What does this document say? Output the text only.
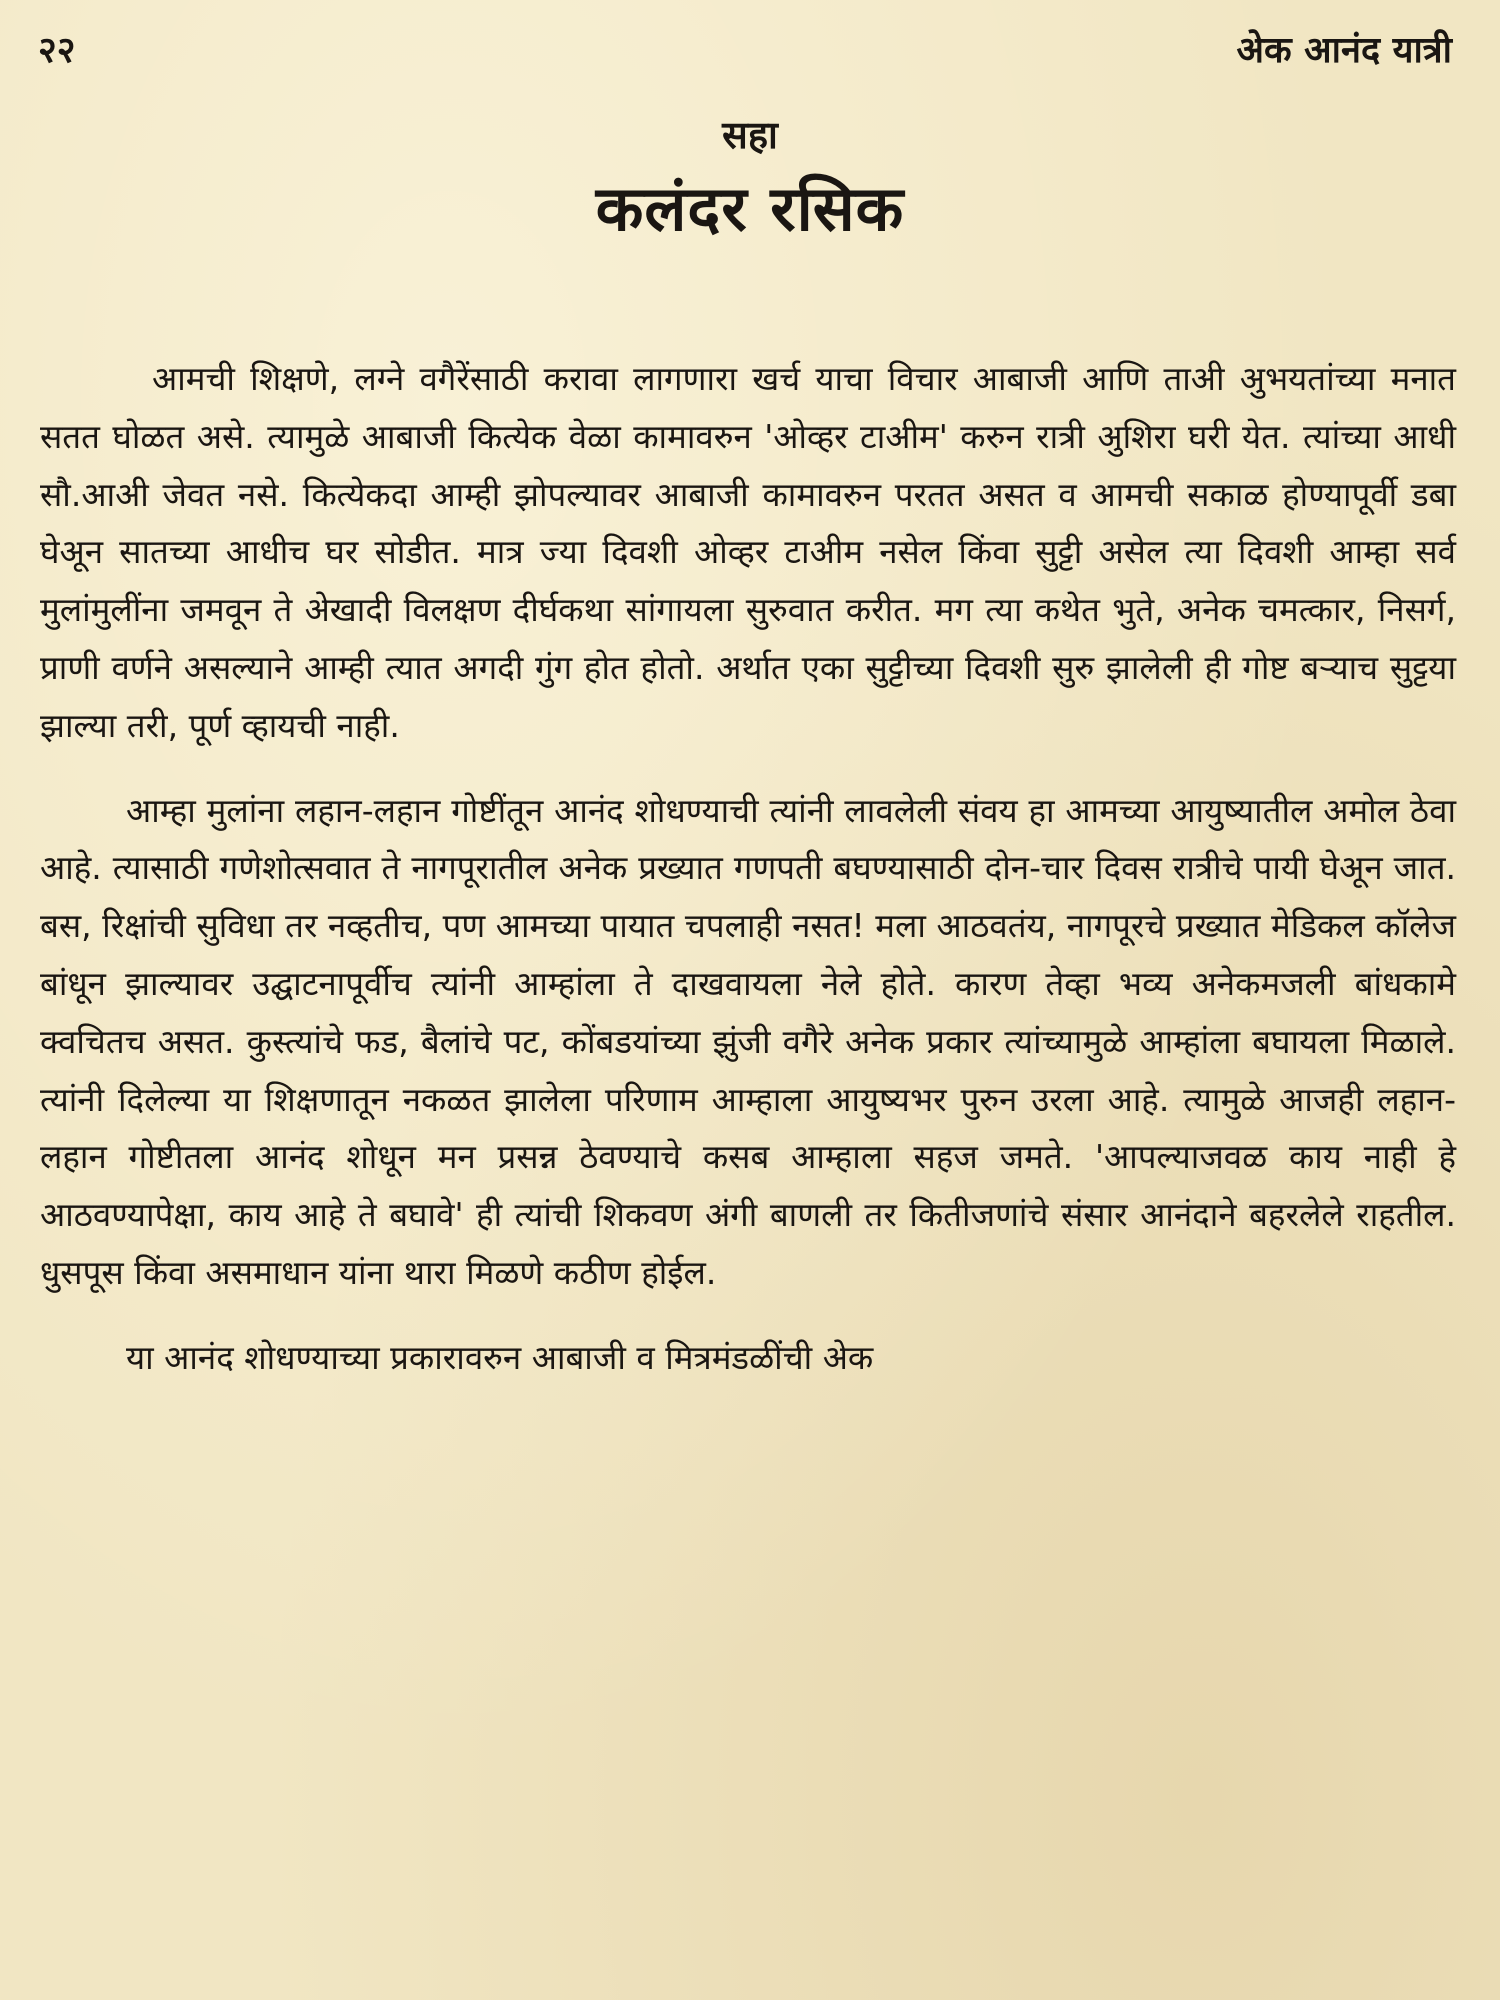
२२	अेक आनंद यात्री
सहा
कलंदर रसिक

आमची शिक्षणे, लग्ने वगैरेंसाठी करावा लागणारा खर्च याचा विचार आबाजी आणि ताअी अुभयतांच्या मनात सतत घोळत असे. त्यामुळे आबाजी कित्येक वेळा कामावरुन 'ओव्हर टाअीम' करुन रात्री अुशिरा घरी येत. त्यांच्या आधी सौ.आअी जेवत नसे. कित्येकदा आम्ही झोपल्यावर आबाजी कामावरुन परतत असत व आमची सकाळ होण्यापूर्वी डबा घेअून सातच्या आधीच घर सोडीत. मात्र ज्या दिवशी ओव्हर टाअीम नसेल किंवा सुट्टी असेल त्या दिवशी आम्हा सर्व मुलांमुलींना जमवून ते अेखादी विलक्षण दीर्घकथा सांगायला सुरुवात करीत. मग त्या कथेत भुते, अनेक चमत्कार, निसर्ग, प्राणी वर्णने असल्याने आम्ही त्यात अगदी गुंग होत होतो. अर्थात एका सुट्टीच्या दिवशी सुरु झालेली ही गोष्ट बऱ्याच सुट्टया झाल्या तरी, पूर्ण व्हायची नाही.

आम्हा मुलांना लहान-लहान गोष्टींतून आनंद शोधण्याची त्यांनी लावलेली संवय हा आमच्या आयुष्यातील अमोल ठेवा आहे. त्यासाठी गणेशोत्सवात ते नागपूरातील अनेक प्रख्यात गणपती बघण्यासाठी दोन-चार दिवस रात्रीचे पायी घेअून जात. बस, रिक्षांची सुविधा तर नव्हतीच, पण आमच्या पायात चपलाही नसत! मला आठवतंय, नागपूरचे प्रख्यात मेडिकल कॉलेज बांधून झाल्यावर उद्घाटनापूर्वीच त्यांनी आम्हांला ते दाखवायला नेले होते. कारण तेव्हा भव्य अनेकमजली बांधकामे क्वचितच असत. कुस्त्यांचे फड, बैलांचे पट, कोंबडयांच्या झुंजी वगैरे अनेक प्रकार त्यांच्यामुळे आम्हांला बघायला मिळाले. त्यांनी दिलेल्या या शिक्षणातून नकळत झालेला परिणाम आम्हाला आयुष्यभर पुरुन उरला आहे. त्यामुळे आजही लहान-लहान गोष्टीतला आनंद शोधून मन प्रसन्न ठेवण्याचे कसब आम्हाला सहज जमते. 'आपल्याजवळ काय नाही हे आठवण्यापेक्षा, काय आहे ते बघावे' ही त्यांची शिकवण अंगी बाणली तर कितीजणांचे संसार आनंदाने बहरलेले राहतील. धुसपूस किंवा असमाधान यांना थारा मिळणे कठीण होईल.

या आनंद शोधण्याच्या प्रकारावरुन आबाजी व मित्रमंडळींची अेक
